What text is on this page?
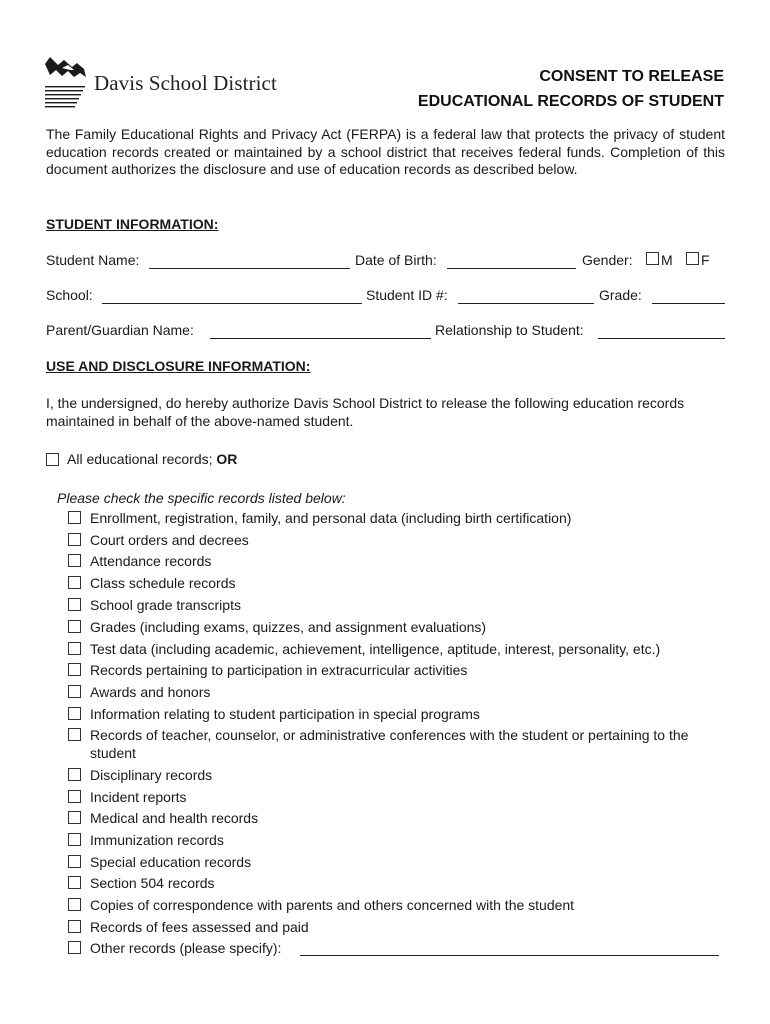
Davis School District	CONSENT TO RELEASE
EDUCATIONAL RECORDS OF STUDENT
The Family Educational Rights and Privacy Act (FERPA) is a federal law that protects the privacy of student education records created or maintained by a school district that receives federal funds. Completion of this document authorizes the disclosure and use of education records as described below.
STUDENT INFORMATION:
Student Name:	Date of Birth:	Gender: M F
School:	Student ID #:	Grade:
Parent/Guardian Name:	Relationship to Student:
USE AND DISCLOSURE INFORMATION:
I, the undersigned, do hereby authorize Davis School District to release the following education records maintained in behalf of the above-named student.
All educational records; OR
Please check the specific records listed below:
Enrollment, registration, family, and personal data (including birth certification)
Court orders and decrees
Attendance records
Class schedule records
School grade transcripts
Grades (including exams, quizzes, and assignment evaluations)
Test data (including academic, achievement, intelligence, aptitude, interest, personality, etc.)
Records pertaining to participation in extracurricular activities
Awards and honors
Information relating to student participation in special programs
Records of teacher, counselor, or administrative conferences with the student or pertaining to the student
Disciplinary records
Incident reports
Medical and health records
Immunization records
Special education records
Section 504 records
Copies of correspondence with parents and others concerned with the student
Records of fees assessed and paid
Other records (please specify):
